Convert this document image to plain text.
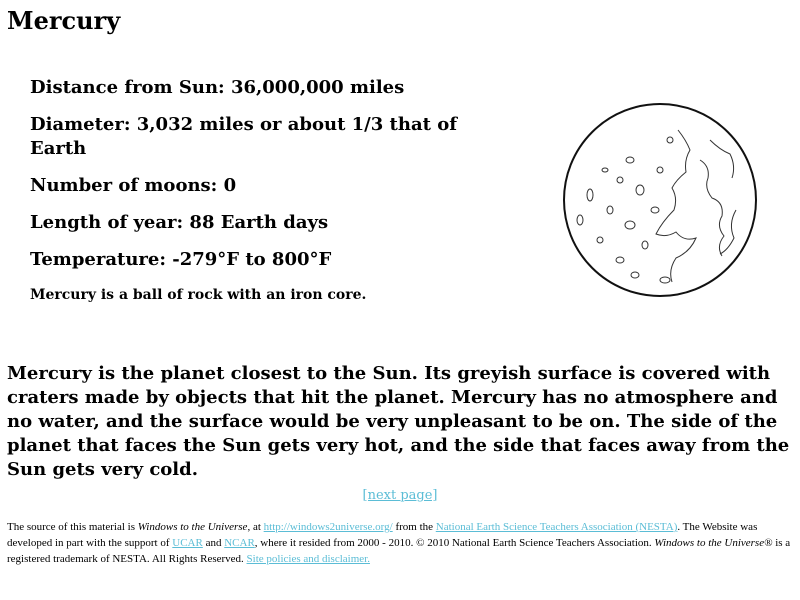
Mercury

Distance from Sun: 36,000,000 miles

Diameter: 3,032 miles or about 1/3 that of Earth

Number of moons: 0

Length of year: 88 Earth days

Temperature: -279°F to 800°F

Mercury is a ball of rock with an iron core.

Mercury is the planet closest to the Sun. Its greyish surface is covered with craters made by objects that hit the planet. Mercury has no atmosphere and no water, and the surface would be very unpleasant to be on. The side of the planet that faces the Sun gets very hot, and the side that faces away from the Sun gets very cold.

[next page]

The source of this material is Windows to the Universe, at http://windows2universe.org/ from the National Earth Science Teachers Association (NESTA). The Website was developed in part with the support of UCAR and NCAR, where it resided from 2000 - 2010. © 2010 National Earth Science Teachers Association. Windows to the Universe® is a registered trademark of NESTA. All Rights Reserved. Site policies and disclaimer.
